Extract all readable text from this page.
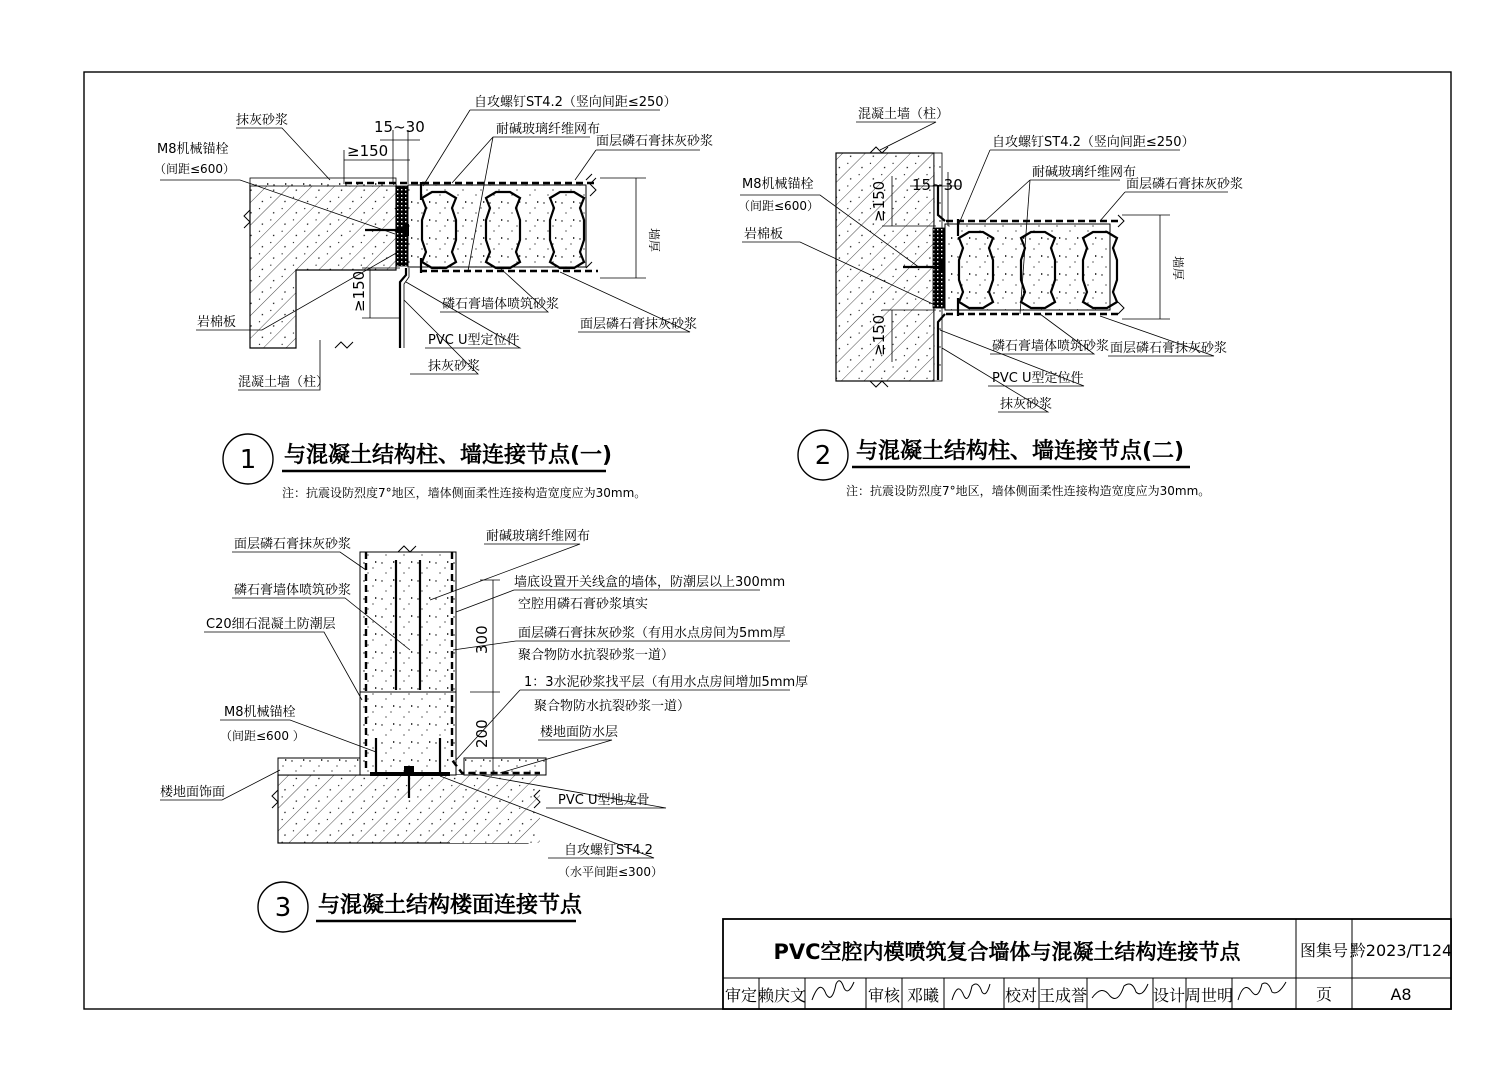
抹灰砂浆
M8机械锚栓
（间距≤600）
岩棉板
混凝土墙（柱）
自攻螺钉ST4.2（竖向间距≤250）
耐碱玻璃纤维网布
面层磷石膏抹灰砂浆
磷石膏墙体喷筑砂浆
面层磷石膏抹灰砂浆
PVC U型定位件
抹灰砂浆
墙厚
15~30
≥150
≥150
1 与混凝土结构柱、墙连接节点(一)
注：抗震设防烈度7°地区，墙体侧面柔性连接构造宽度应为30mm。
混凝土墙（柱）
自攻螺钉ST4.2（竖向间距≤250）
耐碱玻璃纤维网布
面层磷石膏抹灰砂浆
M8机械锚栓
（间距≤600）
岩棉板
磷石膏墙体喷筑砂浆 面层磷石膏抹灰砂浆
PVC U型定位件
抹灰砂浆
墙厚
15~30
≥150
≥150
2 与混凝土结构柱、墙连接节点(二)
注：抗震设防烈度7°地区，墙体侧面柔性连接构造宽度应为30mm。
面层磷石膏抹灰砂浆
磷石膏墙体喷筑砂浆
C20细石混凝土防潮层
M8机械锚栓
（间距≤600 ）
楼地面饰面
耐碱玻璃纤维网布
墙底设置开关线盒的墙体，防潮层以上300mm
空腔用磷石膏砂浆填实
面层磷石膏抹灰砂浆（有用水点房间为5mm厚
聚合物防水抗裂砂浆一道）
1：3水泥砂浆找平层（有用水点房间增加5mm厚
聚合物防水抗裂砂浆一道）
楼地面防水层
PVC U型地龙骨
自攻螺钉ST4.2
（水平间距≤300）
300
200
3 与混凝土结构楼面连接节点
PVC空腔内模喷筑复合墙体与混凝土结构连接节点	图集号 黔2023/T124
页	A8
审定 赖庆文	审核 邓曦	校对 王成誉	设计 周世明
